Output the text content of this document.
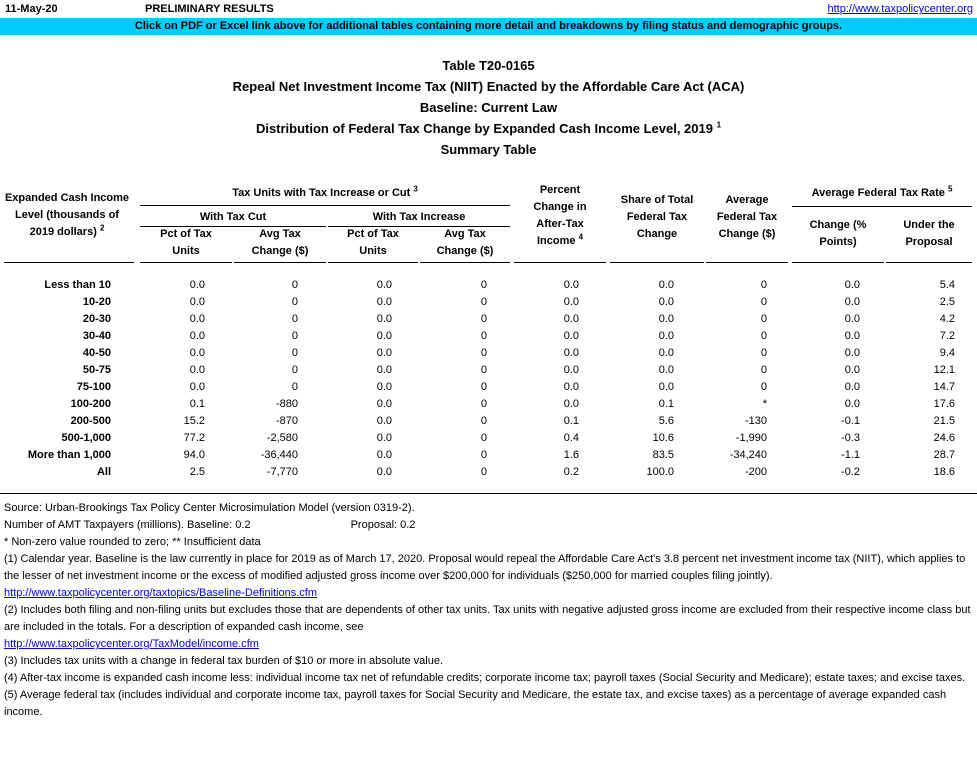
11-May-20	PRELIMINARY RESULTS	http://www.taxpolicycenter.org
Click on PDF or Excel link above for additional tables containing more detail and breakdowns by filing status and demographic groups.
Table T20-0165
Repeal Net Investment Income Tax (NIIT) Enacted by the Affordable Care Act (ACA)
Baseline: Current Law
Distribution of Federal Tax Change by Expanded Cash Income Level, 2019 $^1$
Summary Table
Expanded Cash Income
Level (thousands of
2019 dollars) $^2$
Tax Units with Tax Increase or Cut $^3$
With Tax Cut	With Tax Increase
Pct of Tax
Units
Avg Tax
Change ($)
Pct of Tax
Units
Avg Tax
Change ($)
Percent
Change in
After-Tax
Income $^4$
Share of Total
Federal Tax
Change
Average
Federal Tax
Change ($)
Average Federal Tax Rate $^5$
Change (%
Points)
Under the
Proposal
Less than 10	0.0	0	0.0	0	0.0	0.0	0	0.0	5.4
10-20	0.0	0	0.0	0	0.0	0.0	0	0.0	2.5
20-30	0.0	0	0.0	0	0.0	0.0	0	0.0	4.2
30-40	0.0	0	0.0	0	0.0	0.0	0	0.0	7.2
40-50	0.0	0	0.0	0	0.0	0.0	0	0.0	9.4
50-75	0.0	0	0.0	0	0.0	0.0	0	0.0	12.1
75-100	0.0	0	0.0	0	0.0	0.0	0	0.0	14.7
100-200	0.1	-880	0.0	0	0.0	0.1	*	0.0	17.6
200-500	15.2	-870	0.0	0	0.1	5.6	-130	-0.1	21.5
500-1,000	77.2	-2,580	0.0	0	0.4	10.6	-1,990	-0.3	24.6
More than 1,000	94.0	-36,440	0.0	0	1.6	83.5	-34,240	-1.1	28.7
All	2.5	-7,770	0.0	0	0.2	100.0	-200	-0.2	18.6
Source: Urban-Brookings Tax Policy Center Microsimulation Model (version 0319-2).
Number of AMT Taxpayers (millions). Baseline: 0.2	Proposal: 0.2
* Non-zero value rounded to zero; ** Insufficient data
(1) Calendar year. Baseline is the law currently in place for 2019 as of March 17, 2020. Proposal would repeal the Affordable Care Act's 3.8 percent net investment income tax (NIIT), which applies to the lesser of net investment income or the excess of modified adjusted gross income over $200,000 for individuals ($250,000 for married couples filing jointly).
http://www.taxpolicycenter.org/taxtopics/Baseline-Definitions.cfm
(2) Includes both filing and non-filing units but excludes those that are dependents of other tax units. Tax units with negative adjusted gross income are excluded from their respective income class but are included in the totals. For a description of expanded cash income, see
http://www.taxpolicycenter.org/TaxModel/income.cfm
(3) Includes tax units with a change in federal tax burden of $10 or more in absolute value.
(4) After-tax income is expanded cash income less: individual income tax net of refundable credits; corporate income tax; payroll taxes (Social Security and Medicare); estate taxes; and excise taxes.
(5) Average federal tax (includes individual and corporate income tax, payroll taxes for Social Security and Medicare, the estate tax, and excise taxes) as a percentage of average expanded cash income.
